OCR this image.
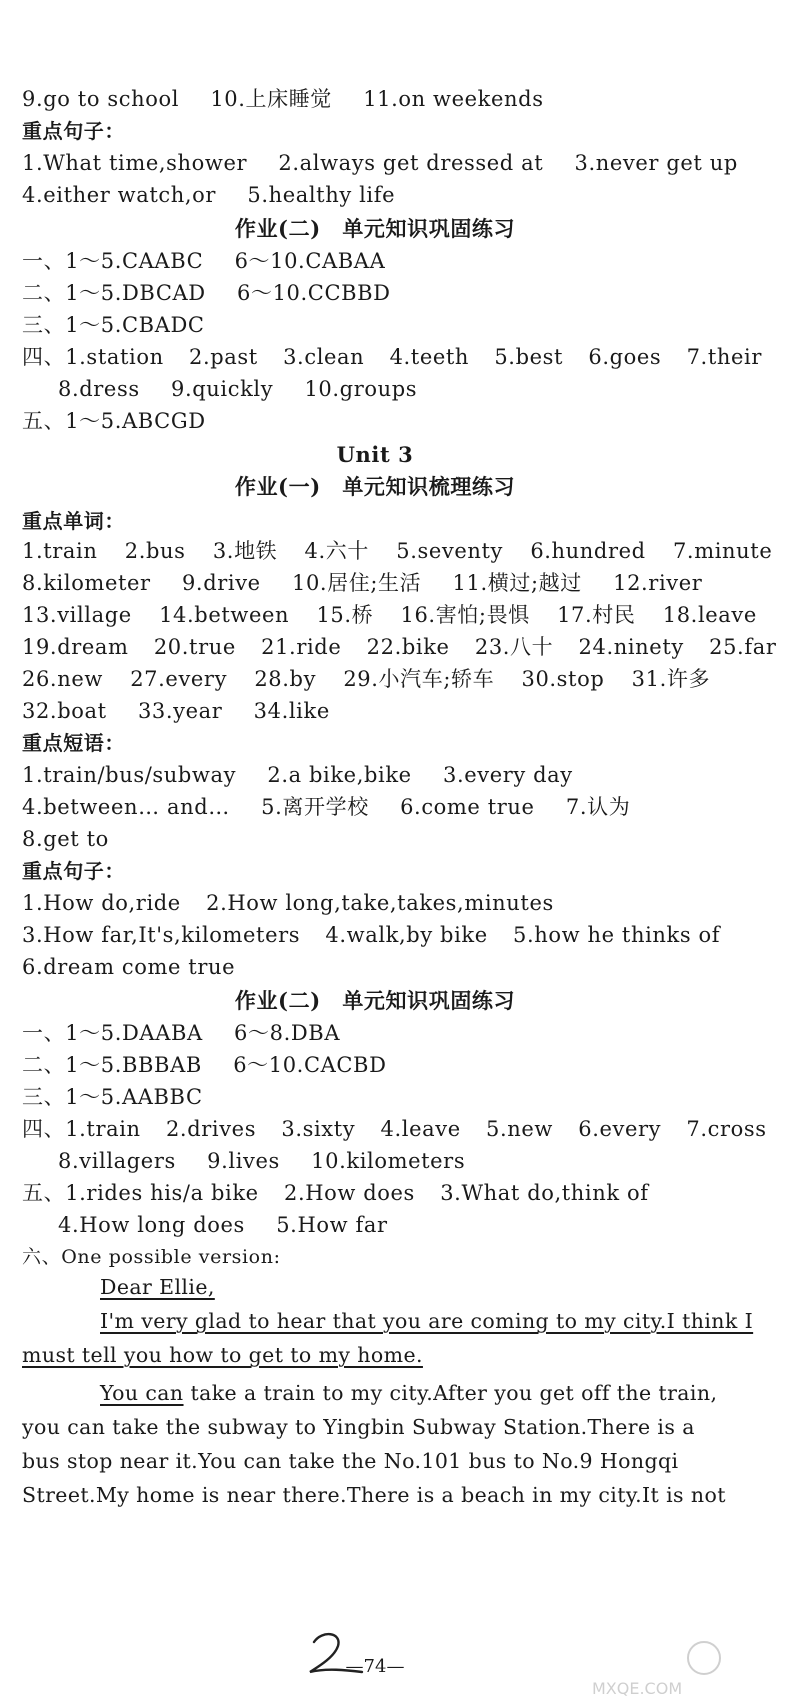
9.go to school 10.上床睡觉 11.on weekends
重点句子：
1.What time,shower 2.always get dressed at 3.never get up
4.either watch,or 5.healthy life
作业(二)　单元知识巩固练习
一、1～5.CAABC 6～10.CABAA
二、1～5.DBCAD 6～10.CCBBD
三、1～5.CBADC
四、1.station 2.past 3.clean 4.teeth 5.best 6.goes 7.their
8.dress 9.quickly 10.groups
五、1～5.ABCGD
Unit 3
作业(一)　单元知识梳理练习
重点单词：
1.train 2.bus 3.地铁 4.六十 5.seventy 6.hundred 7.minute
8.kilometer 9.drive 10.居住;生活 11.横过;越过 12.river
13.village 14.between 15.桥 16.害怕;畏惧 17.村民 18.leave
19.dream 20.true 21.ride 22.bike 23.八十 24.ninety 25.far
26.new 27.every 28.by 29.小汽车;轿车 30.stop 31.许多
32.boat 33.year 34.like
重点短语：
1.train/bus/subway 2.a bike,bike 3.every day
4.between… and… 5.离开学校 6.come true 7.认为
8.get to
重点句子：
1.How do,ride 2.How long,take,takes,minutes
3.How far,It's,kilometers 4.walk,by bike 5.how he thinks of
6.dream come true
作业(二)　单元知识巩固练习
一、1～5.DAABA 6～8.DBA
二、1～5.BBBAB 6～10.CACBD
三、1～5.AABBC
四、1.train 2.drives 3.sixty 4.leave 5.new 6.every 7.cross
8.villagers 9.lives 10.kilometers
五、1.rides his/a bike 2.How does 3.What do,think of
4.How long does 5.How far
六、One possible version:
Dear Ellie,
I'm very glad to hear that you are coming to my city.I think I
must tell you how to get to my home.
You can take a train to my city.After you get off the train,
you can take the subway to Yingbin Subway Station.There is a
bus stop near it.You can take the No.101 bus to No.9 Hongqi
Street.My home is near there.There is a beach in my city.It is not
—74—
MXQE.COM
